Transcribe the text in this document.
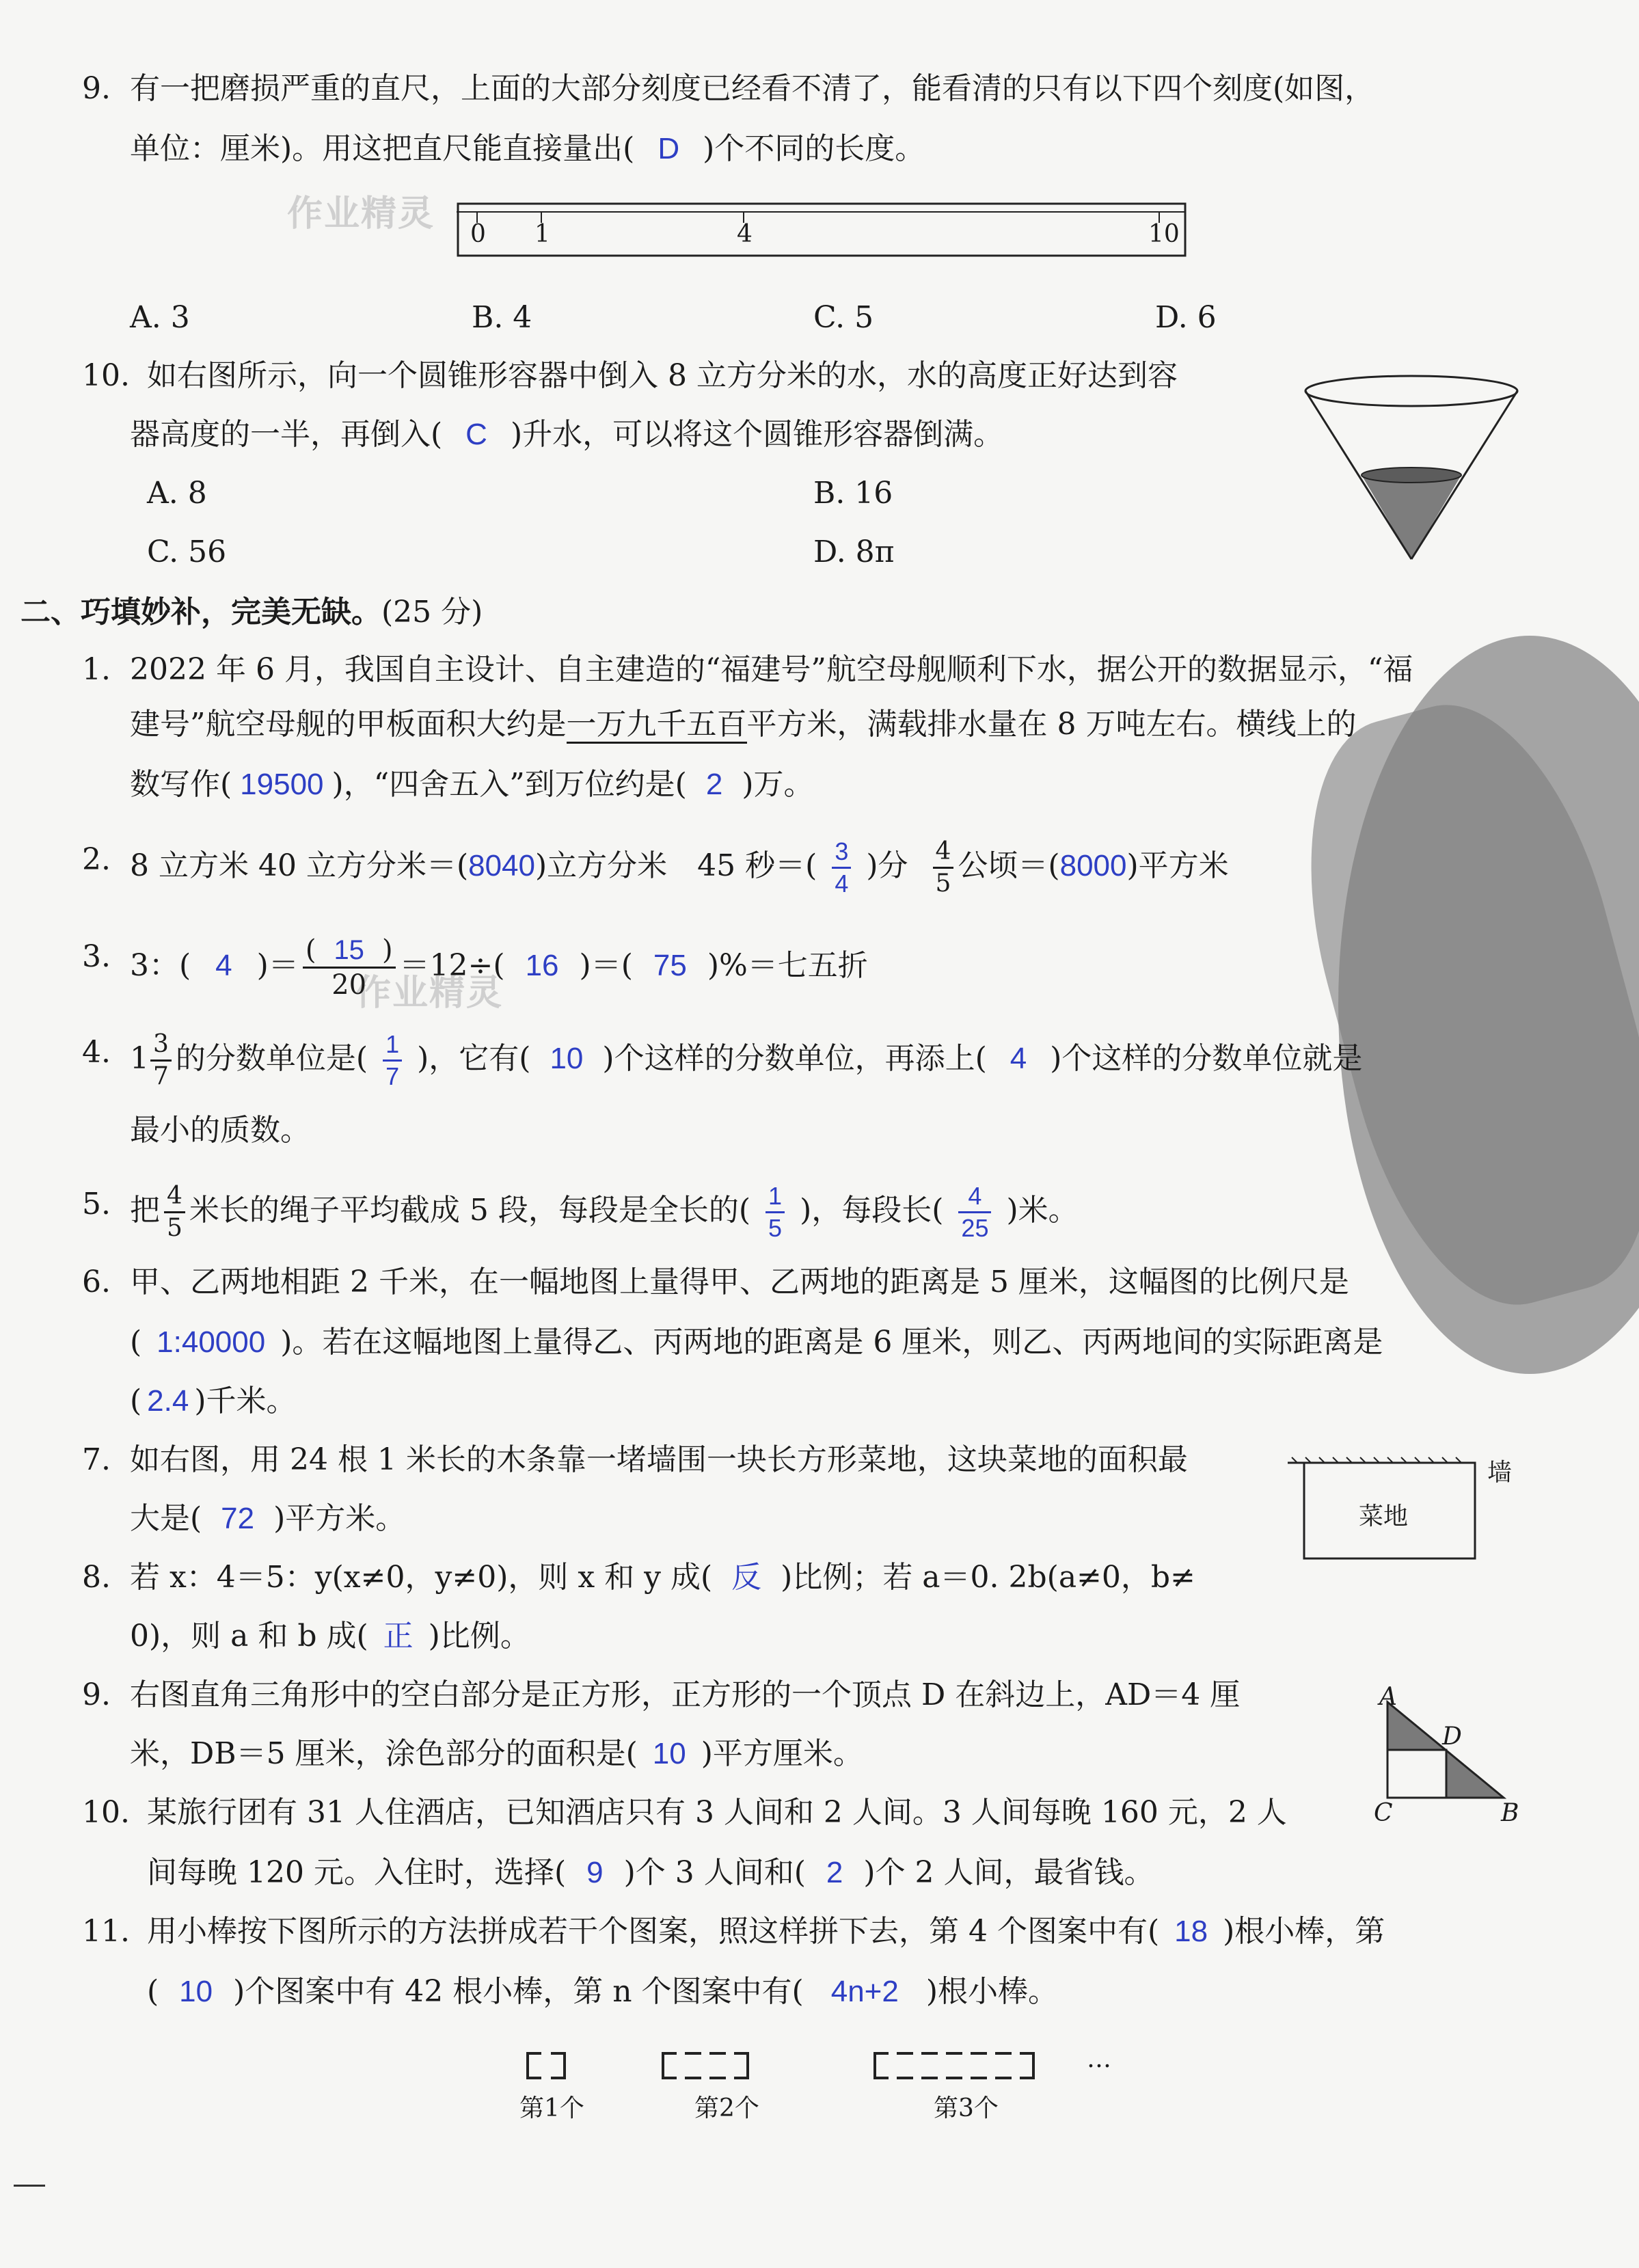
作业精灵
作业精灵
9. 有一把磨损严重的直尺，上面的大部分刻度已经看不清了，能看清的只有以下四个刻度(如图，
单位：厘米)。用这把直尺能直接量出( D )个不同的长度。
0 1	4	10
A. 3	B. 4	C. 5	D. 6
10. 如右图所示，向一个圆锥形容器中倒入 8 立方分米的水，水的高度正好达到容
器高度的一半，再倒入( C )升水，可以将这个圆锥形容器倒满。
A. 8	B. 16
C. 56	D. 8π
二、巧填妙补，完美无缺。(25 分)
1. 2022 年 6 月，我国自主设计、自主建造的“福建号”航空母舰顺利下水，据公开的数据显示，“福
建号”航空母舰的甲板面积大约是一万九千五百平方米，满载排水量在 8 万吨左右。横线上的
数写作( 19500 )，“四舍五入”到万位约是( 2 )万。
2. 8 立方米 40 立方分米＝(8040)立方分米　45 秒＝( $\frac{3}{4}$ )分 $\frac{4}{5}$ 公顷＝(8000)平方米
3. 3：( 4 )＝ $\frac{( 15 )}{20} =12\div$( 16 )＝( 75 )%＝七五折
4. $1 \frac{3}{7}$ 的分数单位是( $\frac{1}{7}$ )，它有( 10 )个这样的分数单位，再添上( 4 )个这样的分数单位就是
最小的质数。
5. 把 $\frac{4}{5}$ 米长的绳子平均截成 5 段，每段是全长的( $\frac{1}{5}$ )，每段长( $\frac{4}{25}$ )米。
6. 甲、乙两地相距 2 千米，在一幅地图上量得甲、乙两地的距离是 5 厘米，这幅图的比例尺是
( 1:40000 )。若在这幅地图上量得乙、丙两地的距离是 6 厘米，则乙、丙两地间的实际距离是
( 2.4 )千米。
7. 如右图，用 24 根 1 米长的木条靠一堵墙围一块长方形菜地，这块菜地的面积最
大是( 72 )平方米。
墙
菜地
8. 若 x：4＝5：y(x≠0，y≠0)，则 x 和 y 成( 反 )比例；若 a＝0. 2b(a≠0，b≠
0)，则 a 和 b 成( 正 )比例。
9. 右图直角三角形中的空白部分是正方形，正方形的一个顶点 D 在斜边上，AD＝4 厘
米，DB＝5 厘米，涂色部分的面积是( 10 )平方厘米。
A
D
C	B
10. 某旅行团有 31 人住酒店，已知酒店只有 3 人间和 2 人间。3 人间每晚 160 元，2 人
间每晚 120 元。入住时，选择( 9 )个 3 人间和( 2 )个 2 人间，最省钱。
11. 用小棒按下图所示的方法拼成若干个图案，照这样拼下去，第 4 个图案中有( 18 )根小棒，第
( 10 )个图案中有 42 根小棒，第 n 个图案中有( 4n+2 )根小棒。
…
第1个	第2个	第3个
